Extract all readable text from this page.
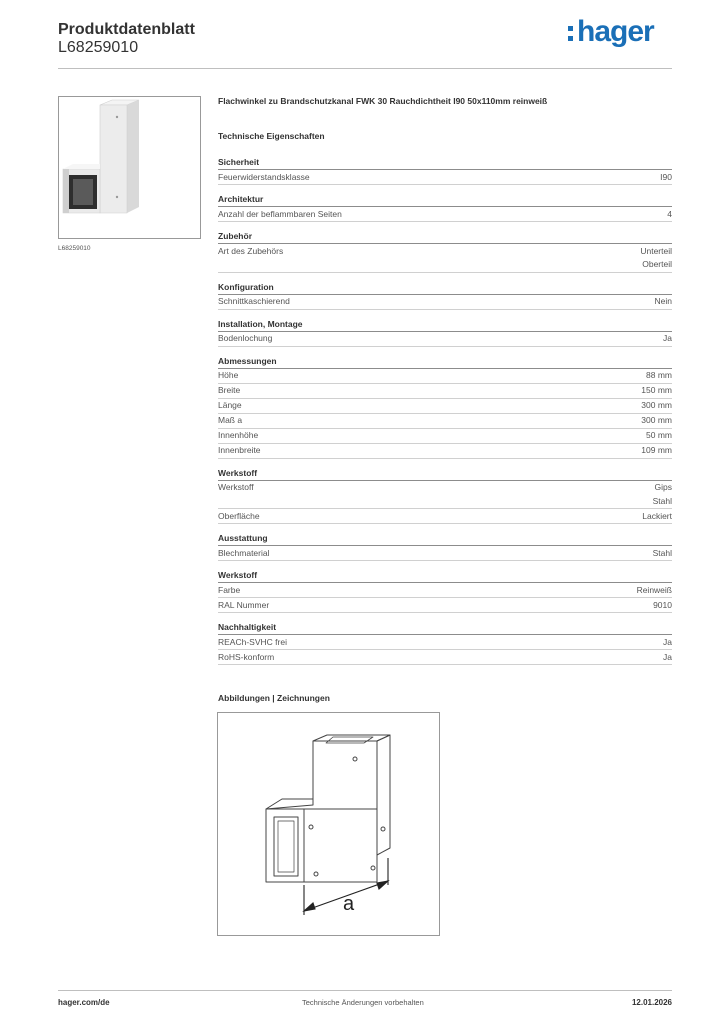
Produktdatenblatt
L68259010	hager
L68259010
Flachwinkel zu Brandschutzkanal FWK 30 Rauchdichtheit I90 50x110mm reinweiß
Technische Eigenschaften
Sicherheit
Feuerwiderstandsklasse	I90
Architektur
Anzahl der beflammbaren Seiten	4
Zubehör
Art des Zubehörs	Unterteil
Oberteil
Konfiguration
Schnittkaschierend	Nein
Installation, Montage
Bodenlochung	Ja
Abmessungen
Höhe	88 mm
Breite	150 mm
Länge	300 mm
Maß a	300 mm
Innenhöhe	50 mm
Innenbreite	109 mm
Werkstoff
Werkstoff	Gips
Stahl
Oberfläche	Lackiert
Ausstattung
Blechmaterial	Stahl
Werkstoff
Farbe	Reinweiß
RAL Nummer	9010
Nachhaltigkeit
REACh-SVHC frei	Ja
RoHS-konform	Ja
Abbildungen | Zeichnungen
a
hager.com/de	Technische Änderungen vorbehalten	12.01.2026
